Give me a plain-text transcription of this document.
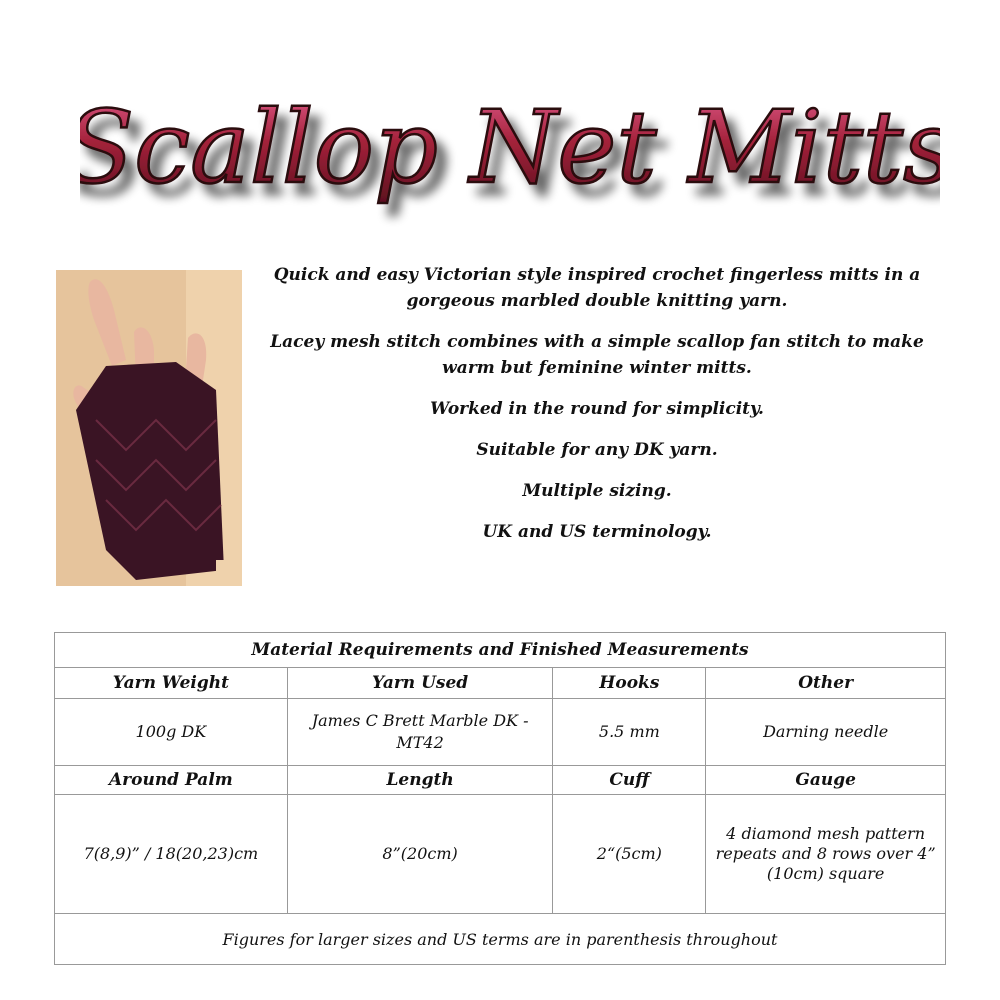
Scallop Net Mitts

Quick and easy Victorian style inspired crochet fingerless mitts in a gorgeous marbled double knitting yarn.

Lacey mesh stitch combines with a simple scallop fan stitch to make warm but feminine winter mitts.

Worked in the round for simplicity.

Suitable for any DK yarn.

Multiple sizing.

UK and US terminology.

Material Requirements and Finished Measurements			
Yarn Weight	Yarn Used	Hooks	Other
100g DK	James C Brett Marble DK - MT42	5.5 mm	Darning needle
Around Palm	Length	Cuff	Gauge
7(8,9)” / 18(20,23)cm	8”(20cm)	2“(5cm)	4 diamond mesh pattern repeats and 8 rows over 4” (10cm) square
Figures for larger sizes and US terms are in parenthesis throughout			
